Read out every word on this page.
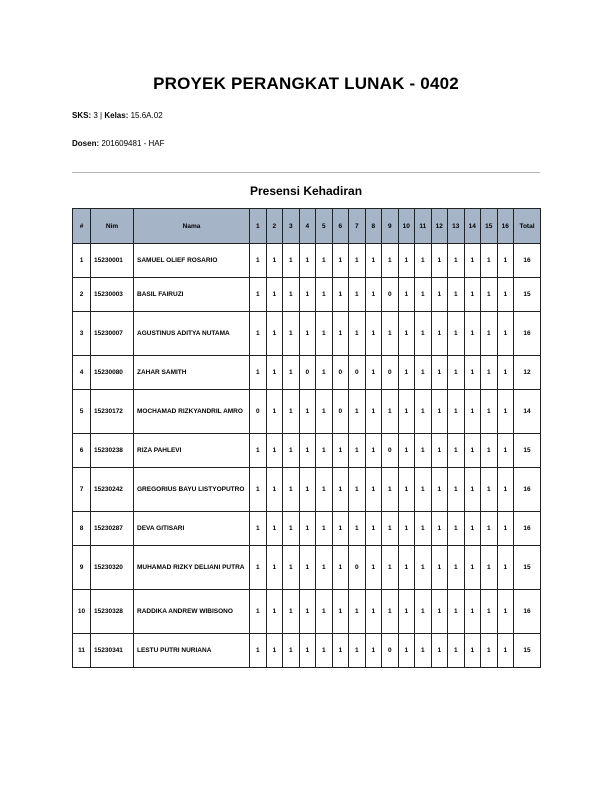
PROYEK PERANGKAT LUNAK - 0402
SKS: 3 | Kelas: 15.6A.02
Dosen: 201609481 - HAF
Presensi Kehadiran
#	Nim	Nama	1	2	3	4	5	6	7	8	9	10	11	12	13	14	15	16	Total
1	15230001	SAMUEL OLIEF ROSARIO	1	1	1	1	1	1	1	1	1	1	1	1	1	1	1	1	16
2	15230003	BASIL FAIRUZI	1	1	1	1	1	1	1	1	0	1	1	1	1	1	1	1	15
3	15230007	AGUSTINUS ADITYA NUTAMA	1	1	1	1	1	1	1	1	1	1	1	1	1	1	1	1	16
4	15230080	ZAHAR SAMITH	1	1	1	0	1	0	0	1	0	1	1	1	1	1	1	1	12
5	15230172	MOCHAMAD RIZKYANDRIL AMRO	0	1	1	1	1	0	1	1	1	1	1	1	1	1	1	1	14
6	15230238	RIZA PAHLEVI	1	1	1	1	1	1	1	1	0	1	1	1	1	1	1	1	15
7	15230242	GREGORIUS BAYU LISTYOPUTRO	1	1	1	1	1	1	1	1	1	1	1	1	1	1	1	1	16
8	15230287	DEVA GITISARI	1	1	1	1	1	1	1	1	1	1	1	1	1	1	1	1	16
9	15230320	MUHAMAD RIZKY DELIANI PUTRA	1	1	1	1	1	1	0	1	1	1	1	1	1	1	1	1	15
10	15230328	RADDIKA ANDREW WIBISONO	1	1	1	1	1	1	1	1	1	1	1	1	1	1	1	1	16
11	15230341	LESTU PUTRI NURIANA	1	1	1	1	1	1	1	1	0	1	1	1	1	1	1	1	15
